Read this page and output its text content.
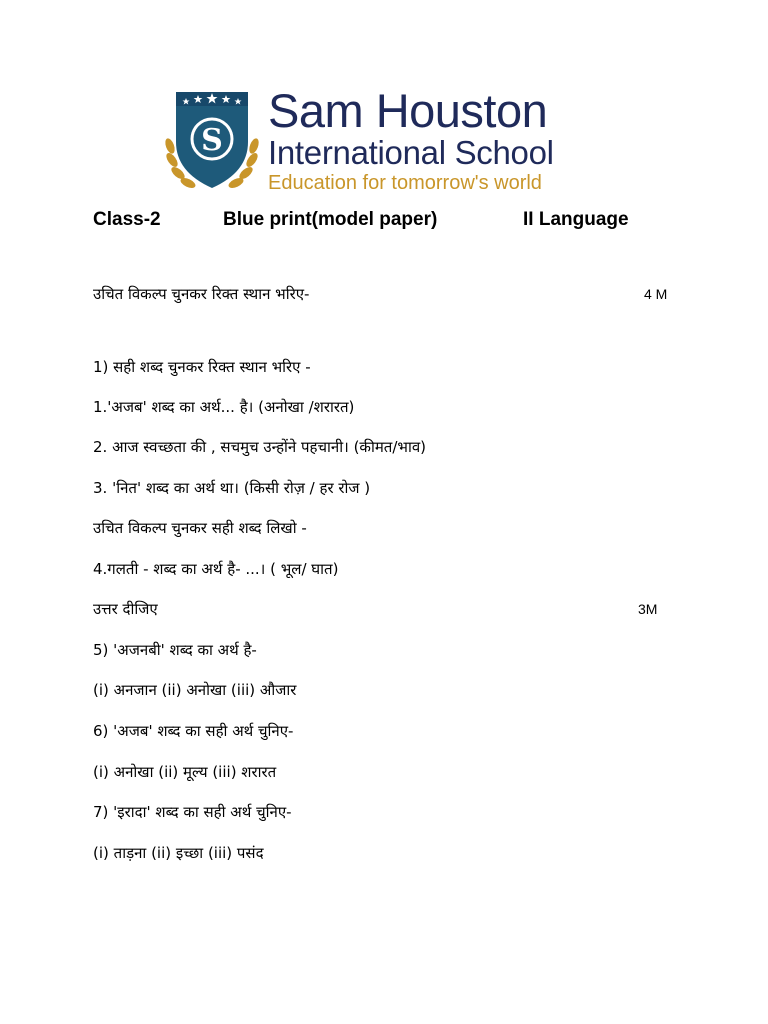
S
Sam Houston
International School
Education for tomorrow's world
Class-2	Blue print(model paper)	II Language
उचित विकल्प चुनकर रिक्त स्थान भरिए-	4 M
1) सही शब्द चुनकर रिक्त स्थान भरिए -
1.'अजब' शब्द का अर्थ... है। (अनोखा /शरारत)
2. आज स्वच्छता की , सचमुच उन्होंने पहचानी। (कीमत/भाव)
3. 'नित' शब्द का अर्थ था। (किसी रोज़ / हर रोज )
उचित विकल्प चुनकर सही शब्द लिखो -
4.गलती - शब्द का अर्थ है- ...। ( भूल/ घात)
उत्तर दीजिए	3M
5) 'अजनबी' शब्द का अर्थ है-
(i) अनजान (ii) अनोखा (iii) औजार
6) 'अजब' शब्द का सही अर्थ चुनिए-
(i) अनोखा (ii) मूल्य (iii) शरारत
7) 'इरादा' शब्द का सही अर्थ चुनिए-
(i) ताड़ना (ii) इच्छा (iii) पसंद
